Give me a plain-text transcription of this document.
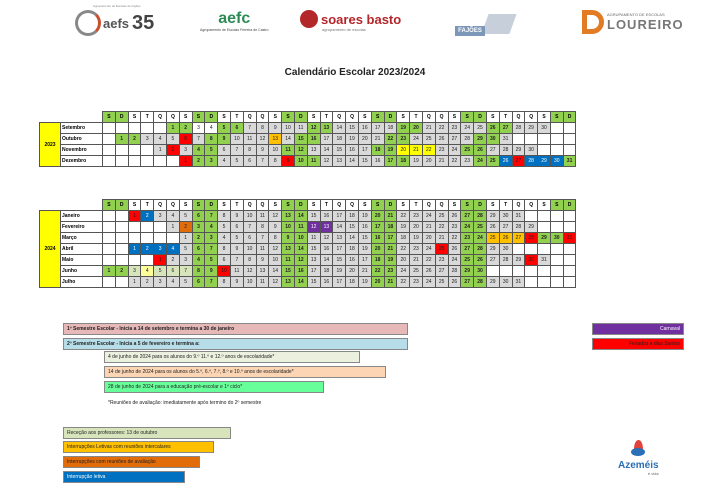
Agrupamento de Escolas de Fajões
aefs 35	aefc
Agrupamento de Escolas Ferreira de Castro
soares basto
agrupamento de escolas	FAJÕES
AGRUPAMENTO DE ESCOLAS
LOUREIRO
Calendário Escolar 2023/2024
		S	D	S	T	Q	Q	S	S	D	S	T	Q	Q	S	S	D	S	T	Q	Q	S	S	D	S	T	Q	Q	S	S	D	S	T	Q	Q	S	S	D
2023	Setembro						1	2	3	4	5	6	7	8	9	10	11	12	13	14	15	16	17	18	19	20	21	22	23	24	25	26	27	28	29	30		
	Outubro		1	2	3	4	5	6	7	8	9	10	11	12	13	14	15	16	17	18	19	20	21	22	23	24	25	26	27	28	29	30	31					
	Novembro					1	2	3	4	5	6	7	8	9	10	11	12	13	14	15	16	17	18	19	20	21	22	23	24	25	26	27	28	29	30			
	Dezembro							1	2	3	4	5	6	7	8	9	10	11	12	13	14	15	16	17	18	19	20	21	22	23	24	25	26	27	28	29	30	31
		S	D	S	T	Q	Q	S	S	D	S	T	Q	Q	S	S	D	S	T	Q	Q	S	S	D	S	T	Q	Q	S	S	D	S	T	Q	Q	S	S	D
2024	Janeiro			1	2	3	4	5	6	7	8	9	10	11	12	13	14	15	16	17	18	19	20	21	22	23	24	25	26	27	28	29	30	31				
	Fevereiro						1	2	3	4	5	6	7	8	9	10	11	12	13	14	15	16	17	18	19	20	21	22	23	24	25	26	27	28	29			
	Março							1	2	3	4	5	6	7	8	9	10	11	12	13	14	15	16	17	18	19	20	21	22	23	24	25	26	27	28	29	30	31
	Abril			1	2	3	4	5	6	7	8	9	10	11	12	13	14	15	16	17	18	19	20	21	22	23	24	25	26	27	28	29	30					
	Maio					1	2	3	4	5	6	7	8	9	10	11	12	13	14	15	16	17	18	19	20	21	22	23	24	25	26	27	28	29	30	31		
	Junho	1	2	3	4	5	6	7	8	9	10	11	12	13	14	15	16	17	18	19	20	21	22	23	24	25	26	27	28	29	30							
	Julho			1	2	3	4	5	6	7	8	9	10	11	12	13	14	15	16	17	18	19	20	21	22	23	24	25	26	27	28	29	30	31				
1º Semestre Escolar - Inicia a 14 de setembro e termina a 30 de janeiro
2º Semestre Escolar - Inicia a 5 de fevereiro e termina a:
4 de junho de 2024 para os alunos do 9.º 11.º e 12.º anos de escolaridade*
14 de junho de 2024 para os alunos do 5.º, 6.º, 7.º, 8.º e 10.º anos de escolaridade*
28 de junho de 2024 para a educação pré-escolar e 1º ciclo*
*Reuniões de avaliação: imediatamente após termino do 2º semestre
Carnaval
Feriados e dias Santos
Receção aos professores: 13 de outubro
Interrupções Letivas com reuniões intercalares
Interrupções com reuniões de avaliação
Interrupção letiva
Azeméis
é vida
